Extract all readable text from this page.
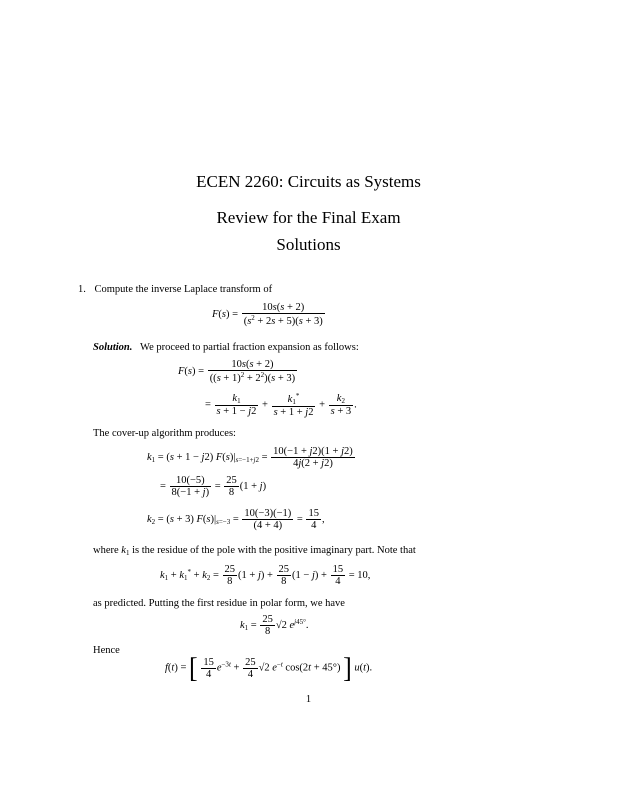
ECEN 2260: Circuits as Systems
Review for the Final Exam
Solutions
1. Compute the inverse Laplace transform of
$F(s) = \frac{10s(s + 2)}{(s^2 + 2s + 5)(s + 3)}$
Solution. We proceed to partial fraction expansion as follows:
$F(s) = \frac{10s(s + 2)}{((s + 1)^2 + 2^2)(s + 3)}$
= $\frac{k_1}{s + 1 - j2} + \frac{k_1^*}{s + 1 + j2} + \frac{k_2}{s + 3}$ .
The cover-up algorithm produces:
$k_1 = (s + 1 - j2) F(s)|_{s=-1+j2} = \frac{10(-1 + j2)(1 + j2)}{4j(2 + j2)}$
= $\frac{10(-5)}{8(-1 + j)} = \frac{25}{8} (1 + j)$
$k_2 = (s + 3) F(s)|_{s=-3} = \frac{10(-3)(-1)}{(4 + 4)} = \frac{15}{4}$ ,
where $k_1$ is the residue of the pole with the positive imaginary part. Note that
$k_1 + k_1^* + k_2 = \frac{25}{8} (1 + j) + \frac{25}{8} (1 - j) + \frac{15}{4} = 10$,
as predicted. Putting the first residue in polar form, we have
$k_1 = \frac{25}{8} √2$ $e^{j45^\circ}$.
Hence
f(t) = [ $\frac{15}{4} e^{-3t} + \frac{25}{4} √2$ $e^{-t}$ cos(2t + 45°) ] u(t).
1
